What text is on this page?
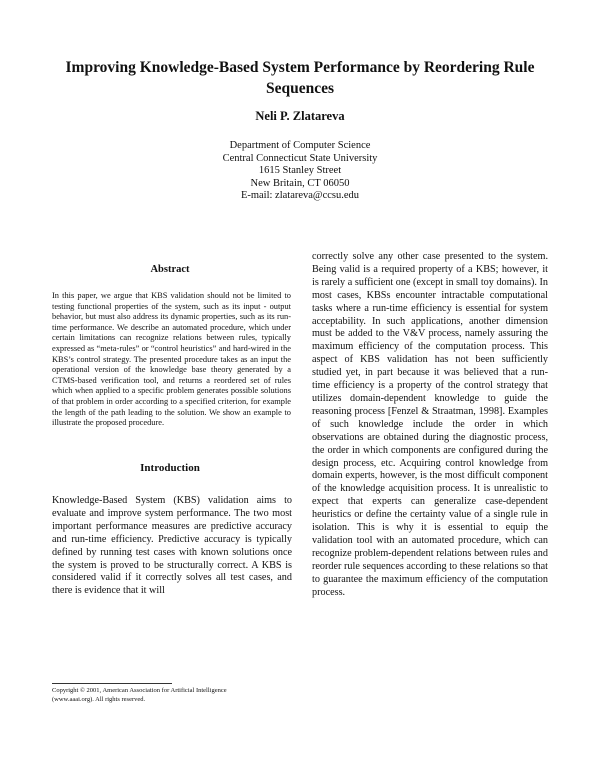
Improving Knowledge-Based System Performance by Reordering Rule Sequences
Neli P. Zlatareva
Department of Computer Science
Central Connecticut State University
1615 Stanley Street
New Britain, CT 06050
E-mail: zlatareva@ccsu.edu
Abstract
In this paper, we argue that KBS validation should not be limited to testing functional properties of the system, such as its input - output behavior, but must also address its dynamic properties, such as its run-time performance. We describe an automated procedure, which under certain limitations can recognize relations between rules, typically expressed as “meta-rules” or “control heuristics” and hard-wired in the KBS’s control strategy. The presented procedure takes as an input the operational version of the knowledge base theory generated by a CTMS-based verification tool, and returns a reordered set of rules which when applied to a specific problem generates possible solutions of that problem in order according to a specified criterion, for example the length of the path leading to the solution. We show an example to illustrate the proposed procedure.
Introduction
Knowledge-Based System (KBS) validation aims to evaluate and improve system performance. The two most important performance measures are predictive accuracy and run-time efficiency. Predictive accuracy is typically defined by running test cases with known solutions once the system is proved to be structurally correct. A KBS is considered valid if it correctly solves all test cases, and there is evidence that it will
Copyright © 2001, American Association for Artificial Intelligence
(www.aaai.org). All rights reserved.
correctly solve any other case presented to the system. Being valid is a required property of a KBS; however, it is rarely a sufficient one (except in small toy domains). In most cases, KBSs encounter intractable computational tasks where a run-time efficiency is essential for system acceptability. In such applications, another dimension must be added to the V&V process, namely assuring the maximum efficiency of the computation process. This aspect of KBS validation has not been sufficiently studied yet, in part because it was believed that a run-time efficiency is a property of the control strategy that utilizes domain-dependent knowledge to guide the reasoning process [Fenzel & Straatman, 1998]. Examples of such knowledge include the order in which observations are obtained during the diagnostic process, the order in which components are configured during the design process, etc. Acquiring control knowledge from domain experts, however, is the most difficult component of the knowledge acquisition process. It is unrealistic to expect that experts can generalize case-dependent heuristics or define the certainty value of a single rule in isolation. This is why it is essential to equip the validation tool with an automated procedure, which can recognize problem-dependent relations between rules and reorder rule sequences according to these relations so that to guarantee the maximum efficiency of the computation process.
